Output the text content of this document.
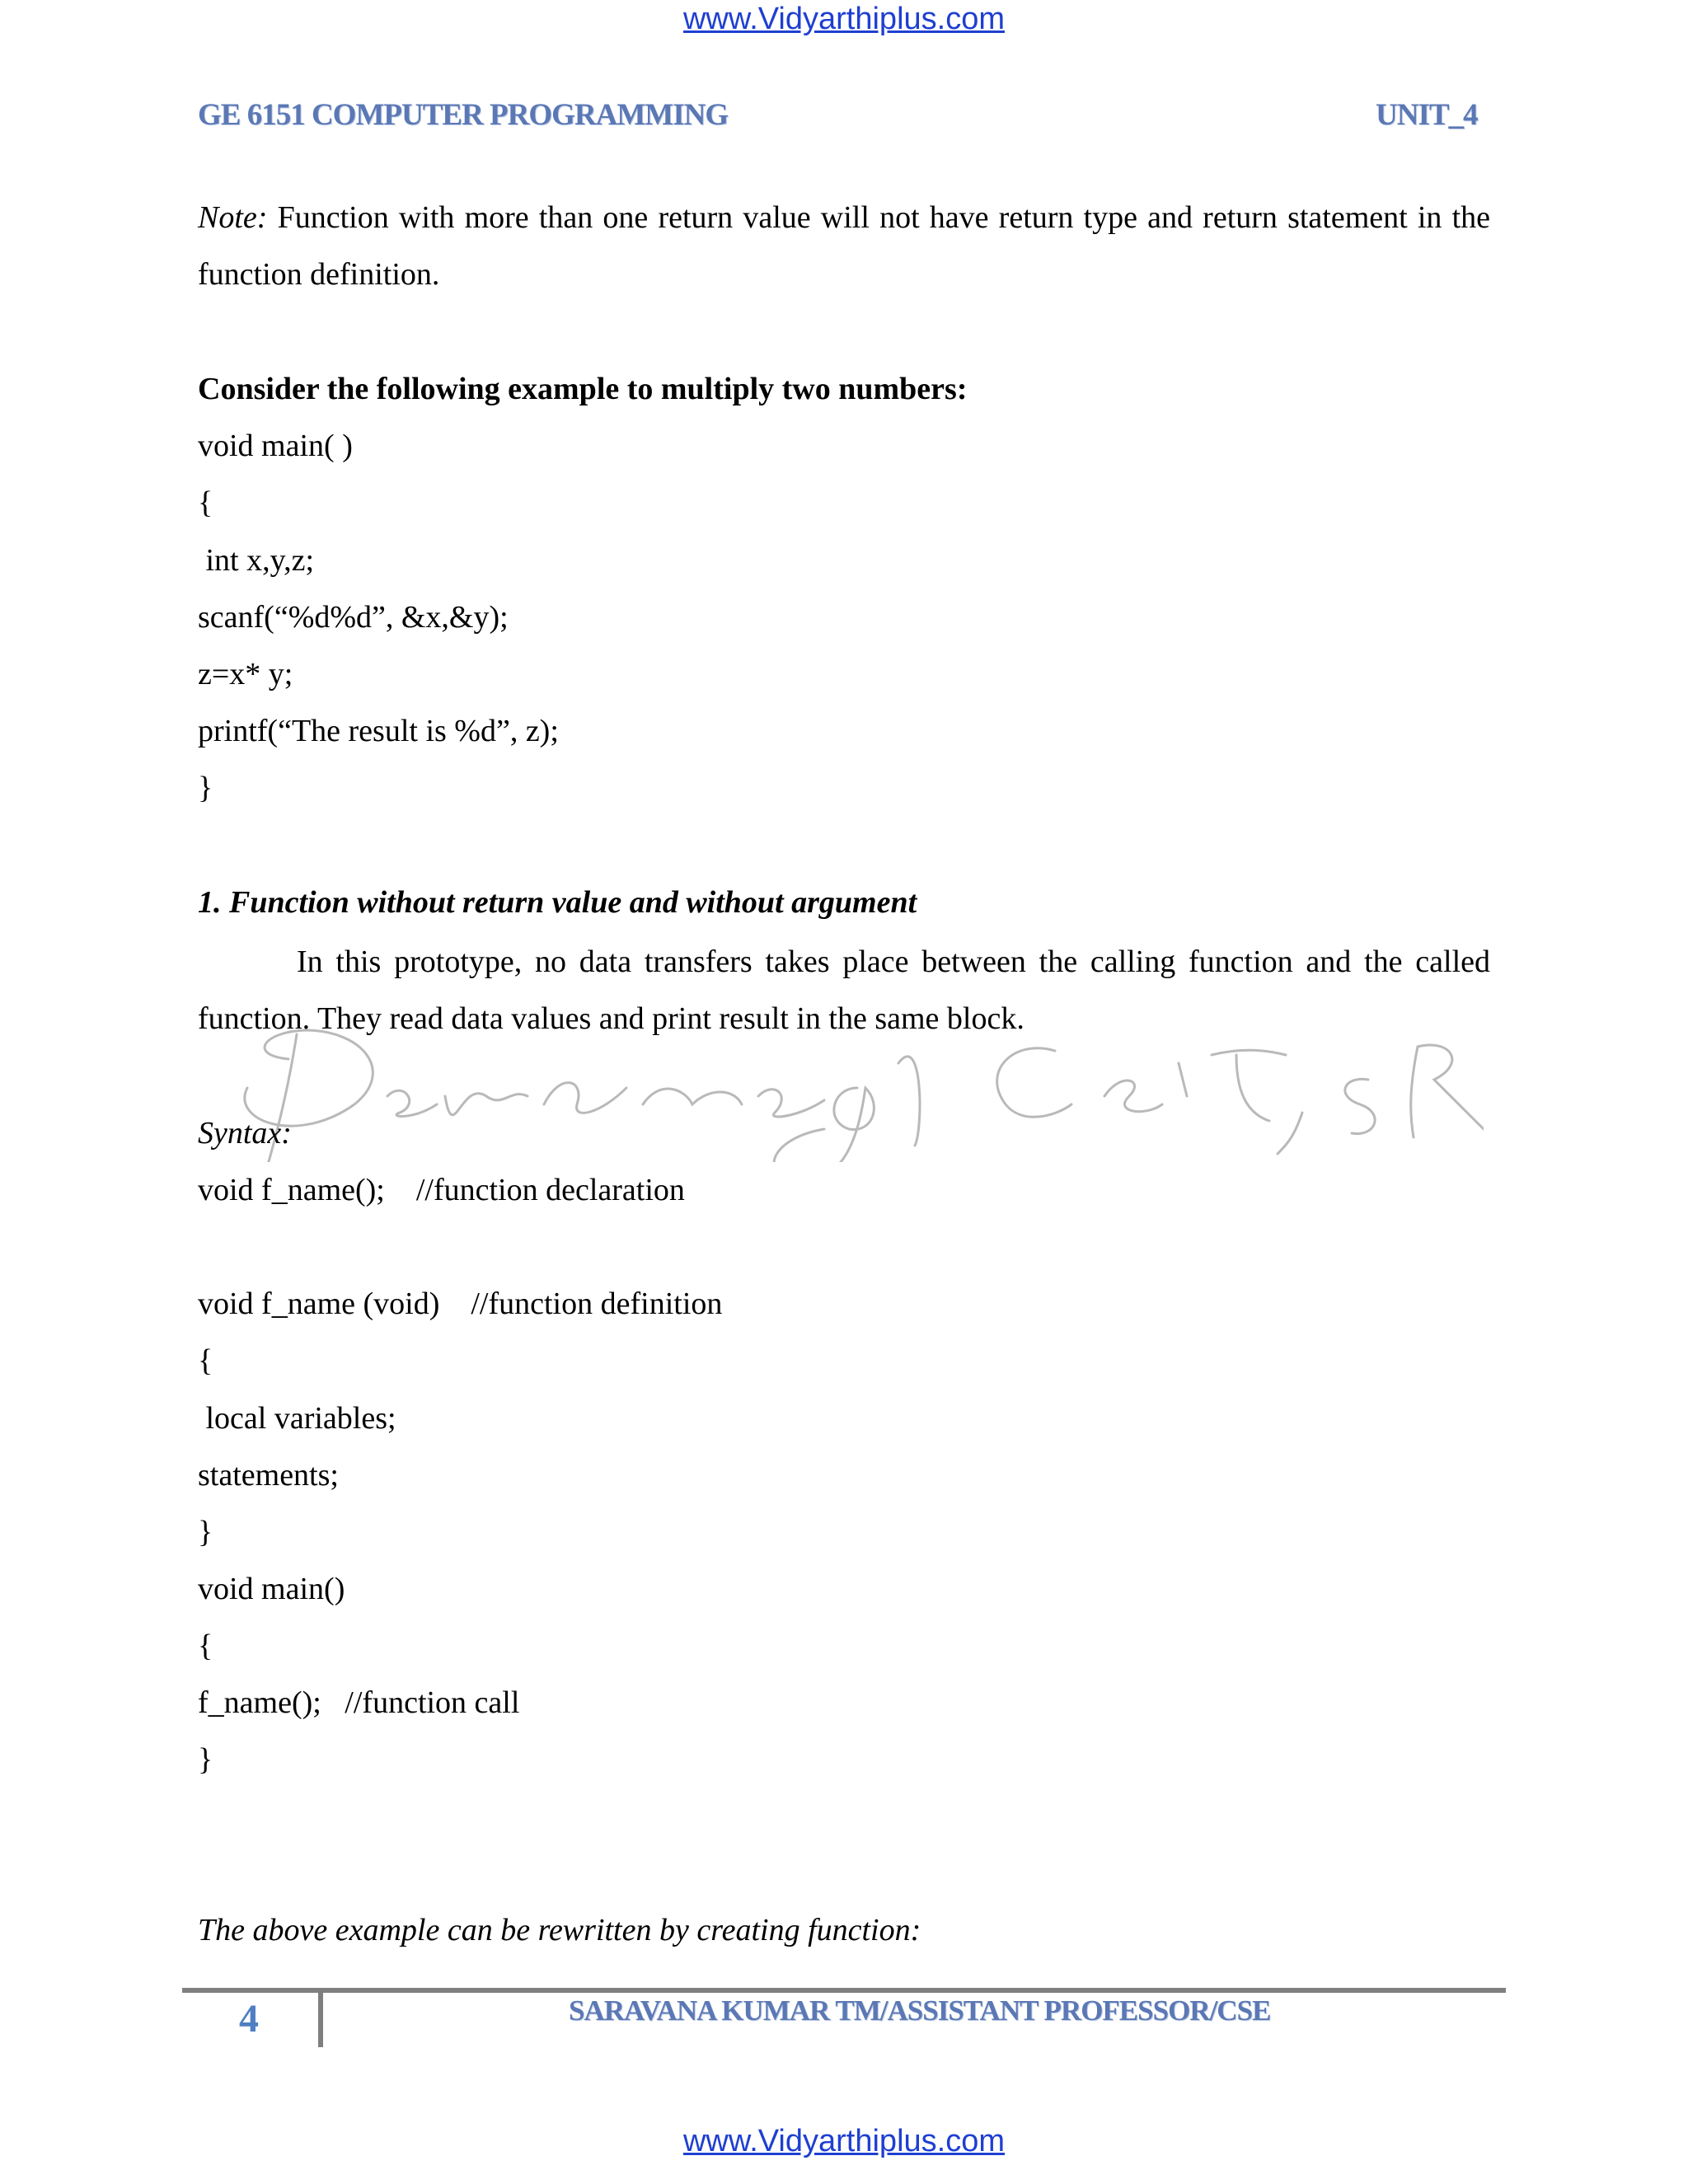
www.Vidyarthiplus.com
GE 6151 COMPUTER PROGRAMMING	UNIT_4
Note: Function with more than one return value will not have return type and return statement in the function definition.
Consider the following example to multiply two numbers:
void main( )
{
int x,y,z;
scanf(“%d%d”, &x,&y);
z=x* y;
printf(“The result is %d”, z);
}
1. Function without return value and without argument
In this prototype, no data transfers takes place between the calling function and the called function. They read data values and print result in the same block.
Syntax:
void f_name();    //function declaration
void f_name (void)    //function definition
{
local variables;
statements;
}
void main()
{
f_name();   //function call
}
The above example can be rewritten by creating function:
4	SARAVANA KUMAR TM/ASSISTANT PROFESSOR/CSE
www.Vidyarthiplus.com
